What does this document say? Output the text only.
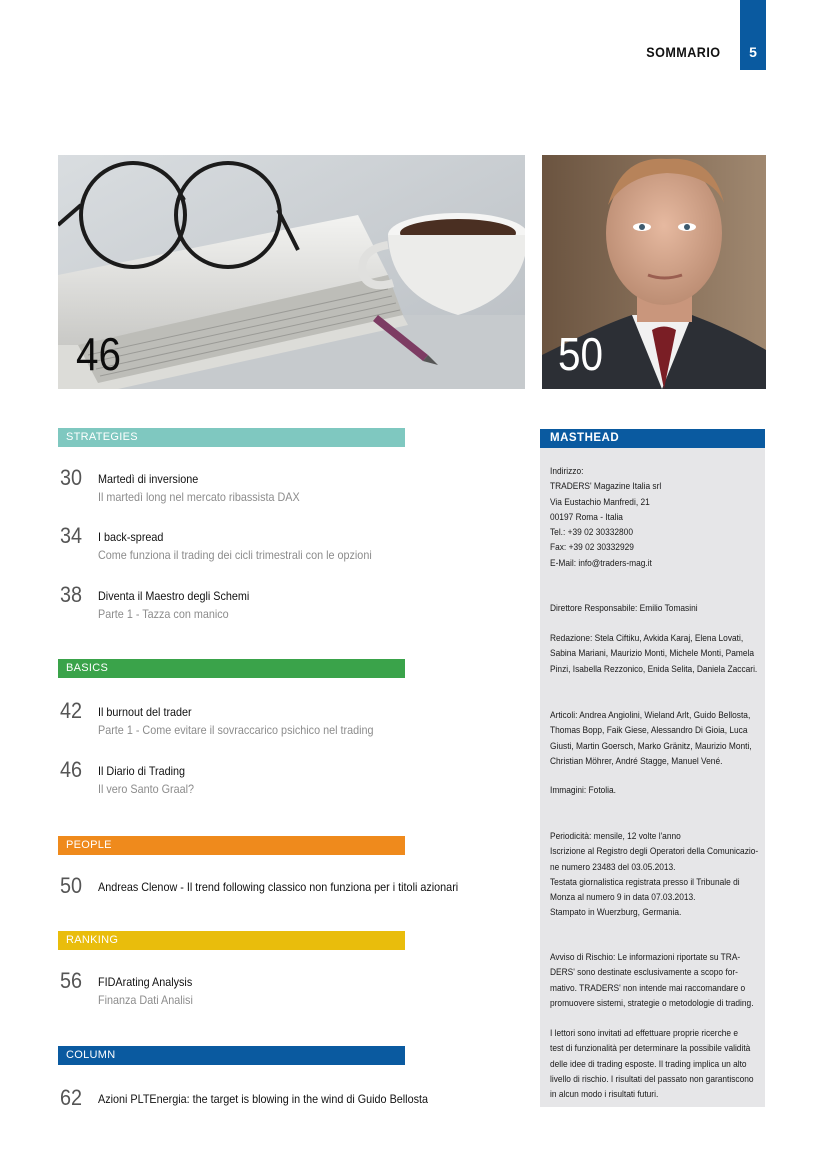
SOMMARIO 5
46	50
STRATEGIES
30 Martedì di inversione
Il martedì long nel mercato ribassista DAX
34 I back-spread
Come funziona il trading dei cicli trimestrali con le opzioni
38 Diventa il Maestro degli Schemi
Parte 1 - Tazza con manico
BASICS
42 Il burnout del trader
Parte 1 - Come evitare il sovraccarico psichico nel trading
46 Il Diario di Trading
Il vero Santo Graal?
PEOPLE
50 Andreas Clenow - Il trend following classico non funziona per i titoli azionari
RANKING
56 FIDArating Analysis
Finanza Dati Analisi
COLUMN
62 Azioni PLTEnergia: the target is blowing in the wind di Guido Bellosta
MASTHEAD
Indirizzo:
TRADERS' Magazine Italia srl
Via Eustachio Manfredi, 21
00197 Roma - Italia
Tel.: +39 02 30332800
Fax: +39 02 30332929
E-Mail: info@traders-mag.it
Direttore Responsabile: Emilio Tomasini
Redazione: Stela Ciftiku, Avkida Karaj, Elena Lovati,
Sabina Mariani, Maurizio Monti, Michele Monti, Pamela
Pinzi, Isabella Rezzonico, Enida Selita, Daniela Zaccari.
Articoli: Andrea Angiolini, Wieland Arlt, Guido Bellosta,
Thomas Bopp, Faik Giese, Alessandro Di Gioia, Luca
Giusti, Martin Goersch, Marko Gränitz, Maurizio Monti,
Christian Möhrer, André Stagge, Manuel Vené.
Immagini: Fotolia.
Periodicità: mensile, 12 volte l'anno
Iscrizione al Registro degli Operatori della Comunicazio-
ne numero 23483 del 03.05.2013.
Testata giornalistica registrata presso il Tribunale di
Monza al numero 9 in data 07.03.2013.
Stampato in Wuerzburg, Germania.
Avviso di Rischio: Le informazioni riportate su TRA-
DERS' sono destinate esclusivamente a scopo for-
mativo. TRADERS' non intende mai raccomandare o
promuovere sistemi, strategie o metodologie di trading.
I lettori sono invitati ad effettuare proprie ricerche e
test di funzionalità per determinare la possibile validità
delle idee di trading esposte. Il trading implica un alto
livello di rischio. I risultati del passato non garantiscono
in alcun modo i risultati futuri.
